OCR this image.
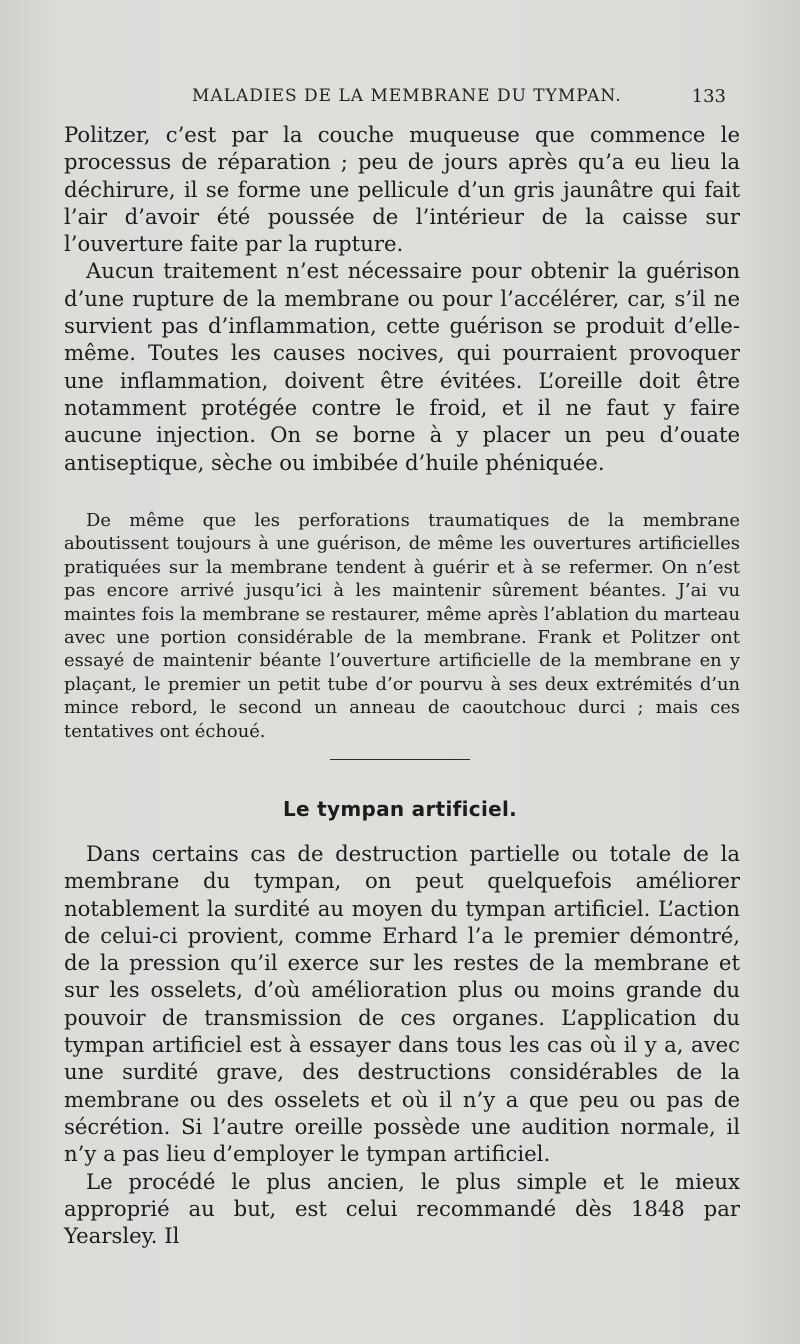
MALADIES DE LA MEMBRANE DU TYMPAN.	133

Politzer, c’est par la couche muqueuse que commence le processus de réparation ; peu de jours après qu’a eu lieu la déchirure, il se forme une pellicule d’un gris jaunâtre qui fait l’air d’avoir été poussée de l’intérieur de la caisse sur l’ouverture faite par la rupture.

Aucun traitement n’est nécessaire pour obtenir la guérison d’une rupture de la membrane ou pour l’accélérer, car, s’il ne survient pas d’inflammation, cette guérison se produit d’elle-même. Toutes les causes nocives, qui pourraient provoquer une inflammation, doivent être évitées. L’oreille doit être notamment protégée contre le froid, et il ne faut y faire aucune injection. On se borne à y placer un peu d’ouate antiseptique, sèche ou imbibée d’huile phéniquée.

De même que les perforations traumatiques de la membrane aboutissent toujours à une guérison, de même les ouvertures artificielles pratiquées sur la membrane tendent à guérir et à se refermer. On n’est pas encore arrivé jusqu’ici à les maintenir sûrement béantes. J’ai vu maintes fois la membrane se restaurer, même après l’ablation du marteau avec une portion considérable de la membrane. Frank et Politzer ont essayé de maintenir béante l’ouverture artificielle de la membrane en y plaçant, le premier un petit tube d’or pourvu à ses deux extrémités d’un mince rebord, le second un anneau de caoutchouc durci ; mais ces tentatives ont échoué.

Le tympan artificiel.

Dans certains cas de destruction partielle ou totale de la membrane du tympan, on peut quelquefois améliorer notablement la surdité au moyen du tympan artificiel. L’action de celui-ci provient, comme Erhard l’a le premier démontré, de la pression qu’il exerce sur les restes de la membrane et sur les osselets, d’où amélioration plus ou moins grande du pouvoir de transmission de ces organes. L’application du tympan artificiel est à essayer dans tous les cas où il y a, avec une surdité grave, des destructions considérables de la membrane ou des osselets et où il n’y a que peu ou pas de sécrétion. Si l’autre oreille possède une audition normale, il n’y a pas lieu d’employer le tympan artificiel.

Le procédé le plus ancien, le plus simple et le mieux approprié au but, est celui recommandé dès 1848 par Yearsley. Il
